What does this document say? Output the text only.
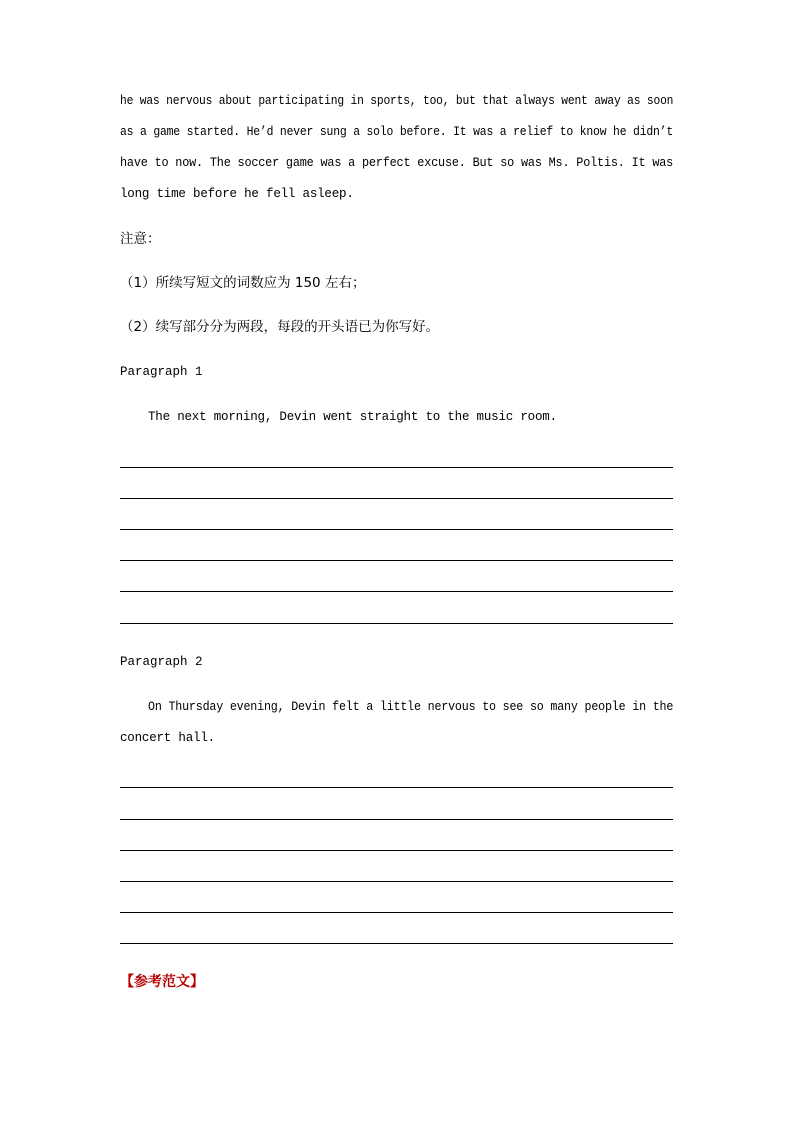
he was nervous about participating in sports, too, but that always went away as soon
as a game started. He’d never sung a solo before. It was a relief to know he didn’t
have to now. The soccer game was a perfect excuse. But so was Ms. Poltis. It was
long time before he fell asleep.
注意：
（1）所续写短文的词数应为 150 左右；
（2）续写部分分为两段，每段的开头语已为你写好。
Paragraph 1
The next morning, Devin went straight to the music room.
Paragraph 2
On Thursday evening, Devin felt a little nervous to see so many people in the
concert hall.
【参考范文】
